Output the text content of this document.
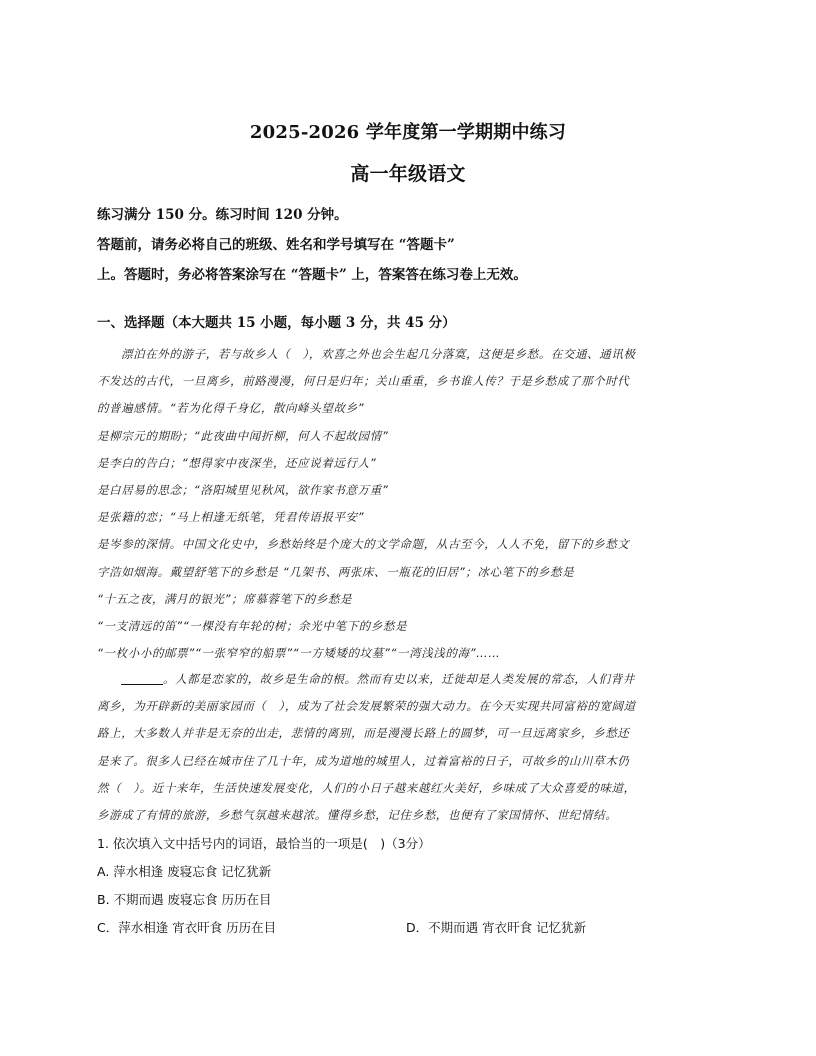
2025-2026 学年度第一学期期中练习
高一年级语文
练习满分 150 分。练习时间 120 分钟。
答题前，请务必将自己的班级、姓名和学号填写在 “答题卡”
上。答题时，务必将答案涂写在 “答题卡” 上，答案答在练习卷上无效。
一、选择题（本大题共 15 小题，每小题 3 分，共 45 分）
漂泊在外的游子，若与故乡人（　），欢喜之外也会生起几分落寞，这便是乡愁。在交通、通讯极
不发达的古代，一旦离乡，前路漫漫，何日是归年；关山重重，乡书谁人传？于是乡愁成了那个时代
的普遍感情。“若为化得千身亿，散向峰头望故乡”
是柳宗元的期盼；“此夜曲中闻折柳，何人不起故园情”
是李白的告白；“想得家中夜深坐，还应说着远行人”
是白居易的思念；“洛阳城里见秋风，欲作家书意万重”
是张籍的恋；“马上相逢无纸笔，凭君传语报平安”
是岑参的深情。中国文化史中，乡愁始终是个庞大的文学命题，从古至今，人人不免，留下的乡愁文
字浩如烟海。戴望舒笔下的乡愁是 “几架书、两张床、一瓶花的旧居”；冰心笔下的乡愁是
“十五之夜，满月的银光”；席慕蓉笔下的乡愁是
“一支清远的笛”“一棵没有年轮的树；余光中笔下的乡愁是
“一枚小小的邮票”“一张窄窄的船票”“一方矮矮的坟墓”“一湾浅浅的海”……
。人都是恋家的，故乡是生命的根。然而有史以来，迁徙却是人类发展的常态，人们背井
离乡，为开辟新的美丽家园而（　），成为了社会发展繁荣的强大动力。在今天实现共同富裕的宽阔道
路上，大多数人并非是无奈的出走，悲情的离别，而是漫漫长路上的圆梦，可一旦远离家乡，乡愁还
是来了。很多人已经在城市住了几十年，成为道地的城里人，过着富裕的日子，可故乡的山川草木仍
然（　）。近十来年，生活快速发展变化，人们的小日子越来越红火美好，乡味成了大众喜爱的味道，
乡游成了有情的旅游，乡愁气氛越来越浓。懂得乡愁，记住乡愁，也便有了家国情怀、世纪情结。
1. 依次填入文中括号内的词语，最恰当的一项是(　)（3分）
A. 萍水相逢 废寝忘食 记忆犹新
B. 不期而遇 废寝忘食 历历在目
C．萍水相逢 宵衣旰食 历历在目	D．不期而遇 宵衣旰食 记忆犹新
